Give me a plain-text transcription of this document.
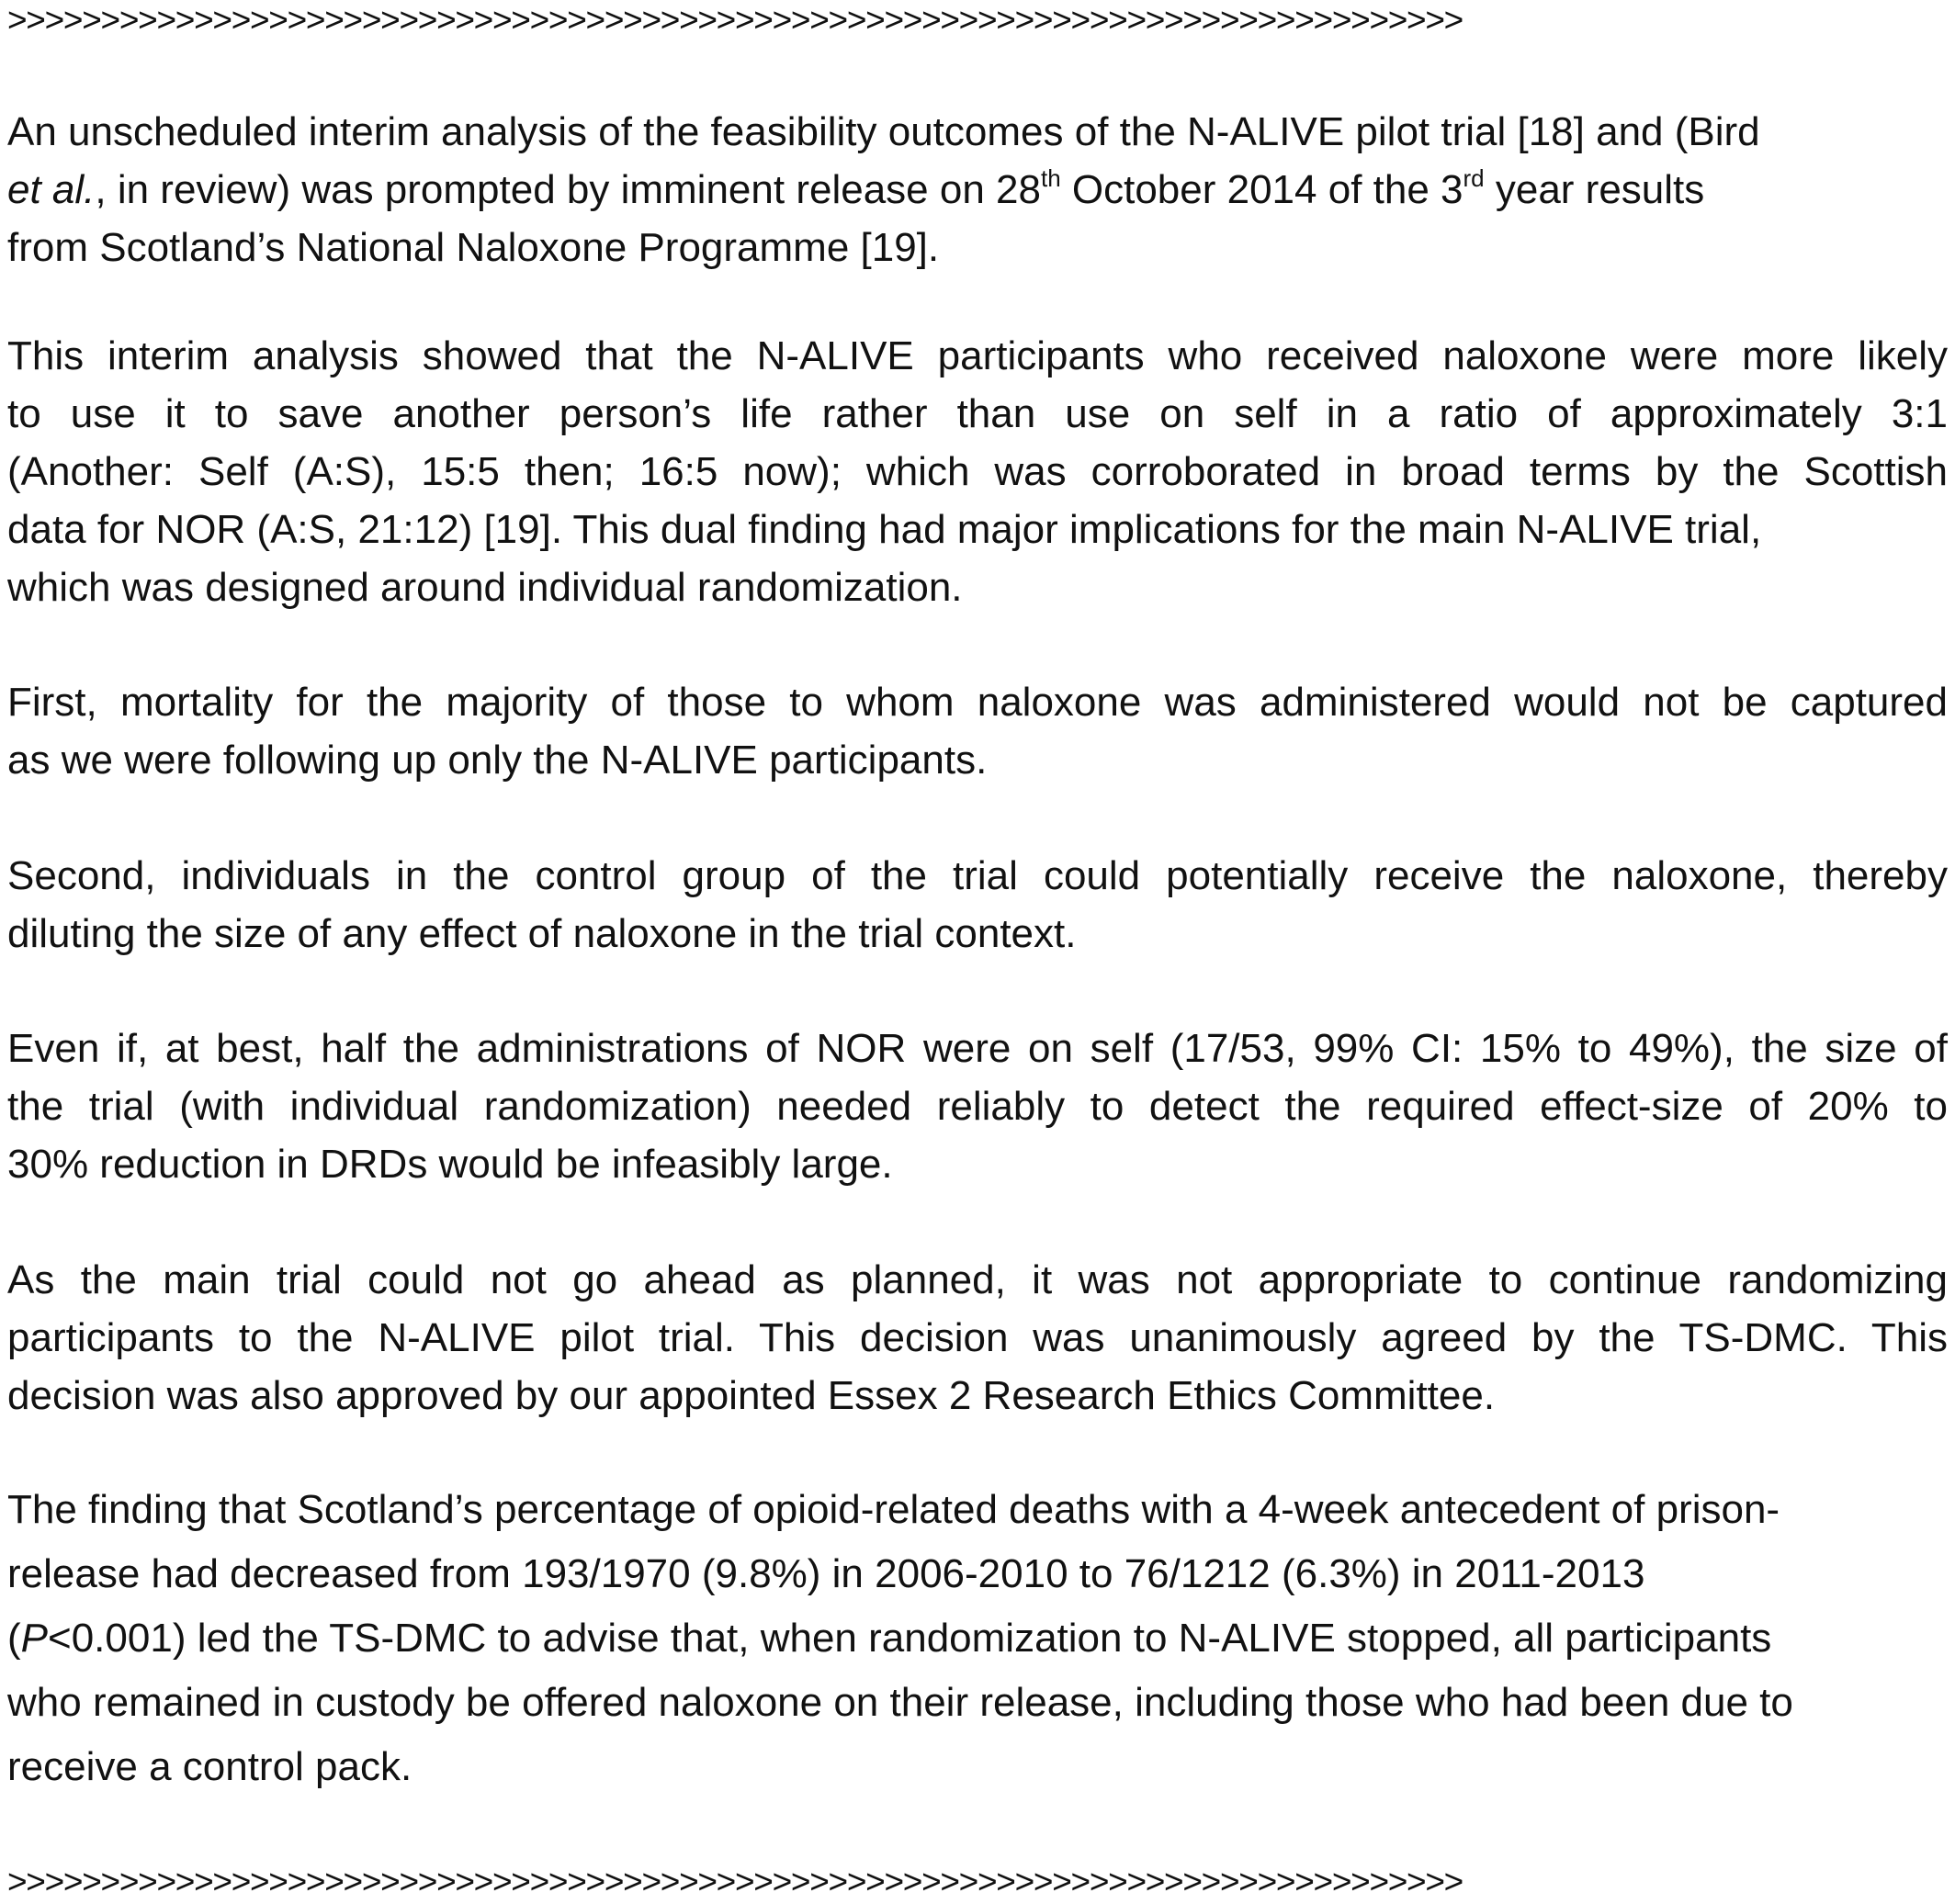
>>>>>>>>>>>>>>>>>>>>>>>>>>>>>>>>>>>>>>>>>>>>>>>>>>>>>>>>>>>>>>>>>>>>>>>>>>>>>>
An unscheduled interim analysis of the feasibility outcomes of the N-ALIVE pilot trial [18] and (Bird
et al., in review) was prompted by imminent release on 28th October 2014 of the 3rd year results
from Scotland’s National Naloxone Programme [19].
This interim analysis showed that the N-ALIVE participants who received naloxone were more likely
to use it to save another person’s life rather than use on self in a ratio of approximately 3:1
(Another: Self (A:S), 15:5 then; 16:5 now); which was corroborated in broad terms by the Scottish
data for NOR (A:S, 21:12) [19]. This dual finding had major implications for the main N-ALIVE trial,
which was designed around individual randomization.
First, mortality for the majority of those to whom naloxone was administered would not be captured
as we were following up only the N-ALIVE participants.
Second, individuals in the control group of the trial could potentially receive the naloxone, thereby
diluting the size of any effect of naloxone in the trial context.
Even if, at best, half the administrations of NOR were on self (17/53, 99% CI: 15% to 49%), the size of
the trial (with individual randomization) needed reliably to detect the required effect-size of 20% to
30% reduction in DRDs would be infeasibly large.
As the main trial could not go ahead as planned, it was not appropriate to continue randomizing
participants to the N-ALIVE pilot trial. This decision was unanimously agreed by the TS-DMC. This
decision was also approved by our appointed Essex 2 Research Ethics Committee.
The finding that Scotland’s percentage of opioid-related deaths with a 4-week antecedent of prison-
release had decreased from 193/1970 (9.8%) in 2006-2010 to 76/1212 (6.3%) in 2011-2013
(P<0.001) led the TS-DMC to advise that, when randomization to N-ALIVE stopped, all participants
who remained in custody be offered naloxone on their release, including those who had been due to
receive a control pack.
>>>>>>>>>>>>>>>>>>>>>>>>>>>>>>>>>>>>>>>>>>>>>>>>>>>>>>>>>>>>>>>>>>>>>>>>>>>>>>
